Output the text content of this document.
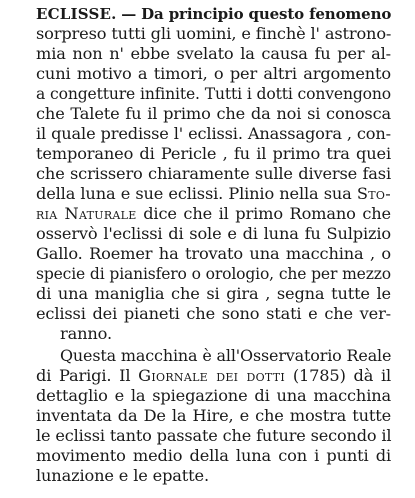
ECLISSE. — Da principio questo fenomeno
sorpreso tutti gli uomini, e finchè l' astrono-
mia non n' ebbe svelato la causa fu per al-
cuni motivo a timori, o per altri argomento
a congetture infinite. Tutti i dotti convengono
che Talete fu il primo che da noi si conosca
il quale predisse l' eclissi. Anassagora , con-
temporaneo di Pericle , fu il primo tra quei
che scrissero chiaramente sulle diverse fasi
della luna e sue eclissi. Plinio nella sua Sto-
ria Naturale dice che il primo Romano che
osservò l'eclissi di sole e di luna fu Sulpizio
Gallo. Roemer ha trovato una macchina , o
specie di pianisfero o orologio, che per mezzo
di una maniglia che si gira , segna tutte le
eclissi dei pianeti che sono stati e che ver-
ranno.
Questa macchina è all'Osservatorio Reale
di Parigi. Il Giornale dei dotti (1785) dà il
dettaglio e la spiegazione di una macchina
inventata da De la Hire, e che mostra tutte
le eclissi tanto passate che future secondo il
movimento medio della luna con i punti di
lunazione e le epatte.
